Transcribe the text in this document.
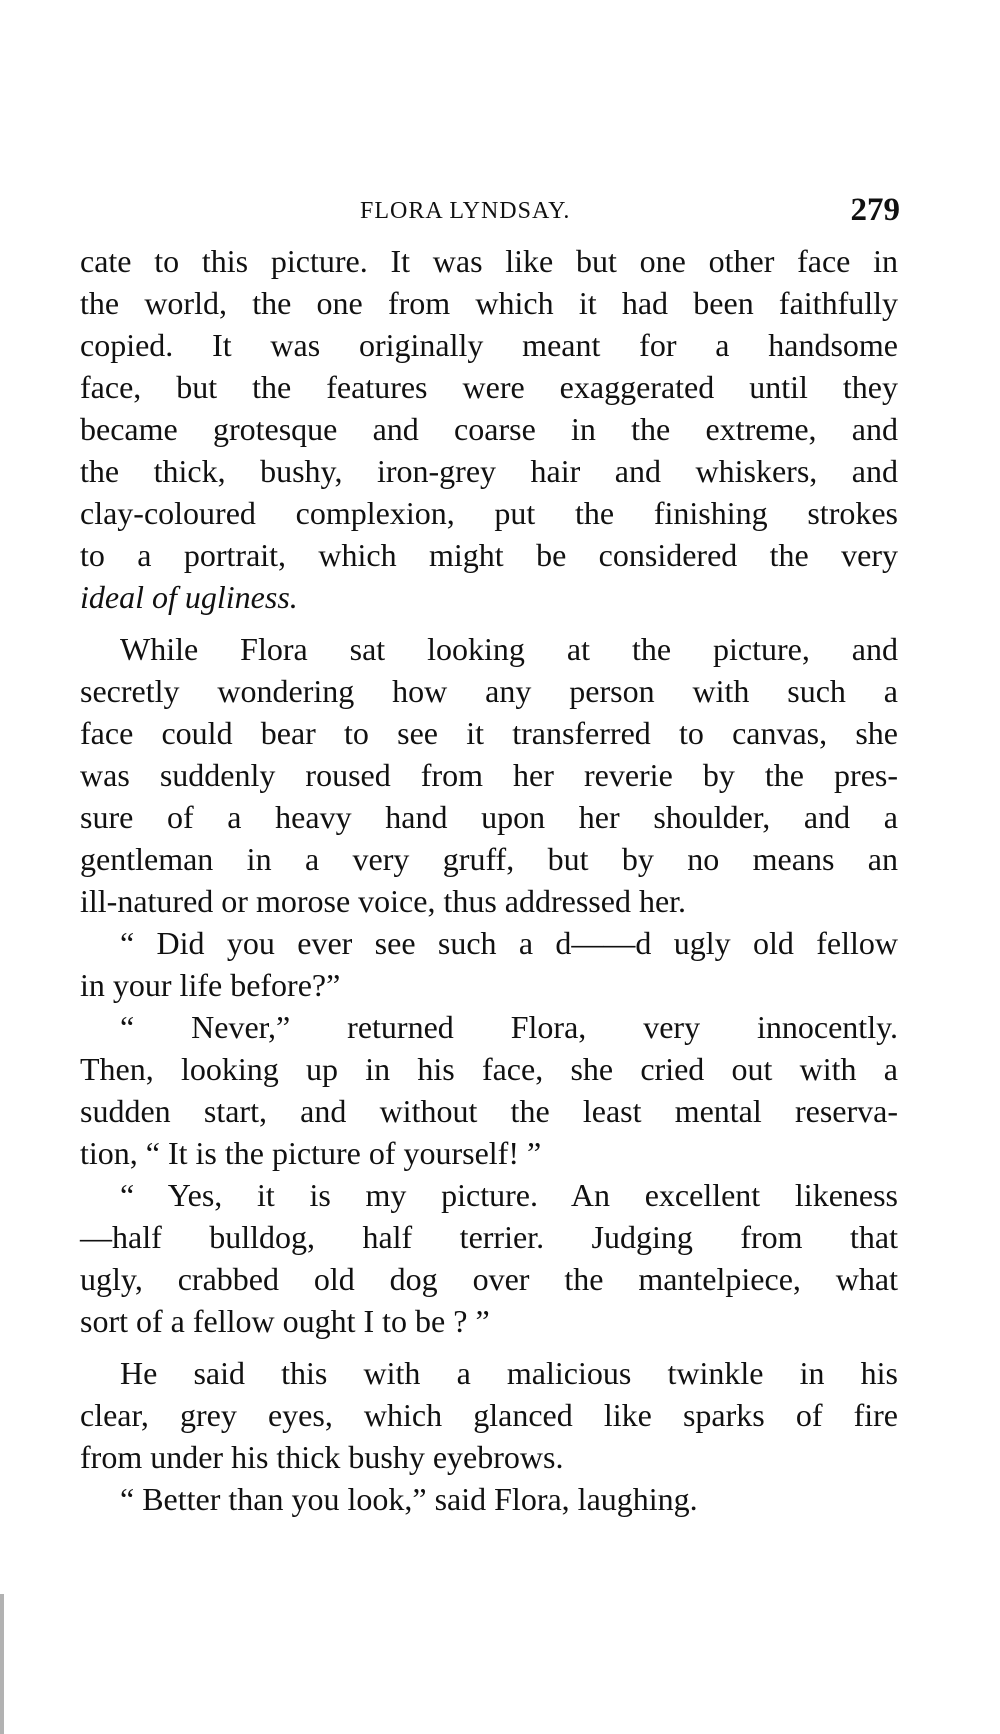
FLORA LYNDSAY.	279
cate to this picture. It was like but one other face in
the world, the one from which it had been faithfully
copied. It was originally meant for a handsome
face, but the features were exaggerated until they
became grotesque and coarse in the extreme, and
the thick, bushy, iron-grey hair and whiskers, and
clay-coloured complexion, put the finishing strokes
to a portrait, which might be considered the very
ideal of ugliness.
While Flora sat looking at the picture, and
secretly wondering how any person with such a
face could bear to see it transferred to canvas, she
was suddenly roused from her reverie by the pres-
sure of a heavy hand upon her shoulder, and a
gentleman in a very gruff, but by no means an
ill-natured or morose voice, thus addressed her.
“ Did you ever see such a d——d ugly old fellow
in your life before?”
“ Never,” returned Flora, very innocently.
Then, looking up in his face, she cried out with a
sudden start, and without the least mental reserva-
tion, “ It is the picture of yourself! ”
“ Yes, it is my picture. An excellent likeness
—half bulldog, half terrier. Judging from that
ugly, crabbed old dog over the mantelpiece, what
sort of a fellow ought I to be ? ”
He said this with a malicious twinkle in his
clear, grey eyes, which glanced like sparks of fire
from under his thick bushy eyebrows.
“ Better than you look,” said Flora, laughing.
